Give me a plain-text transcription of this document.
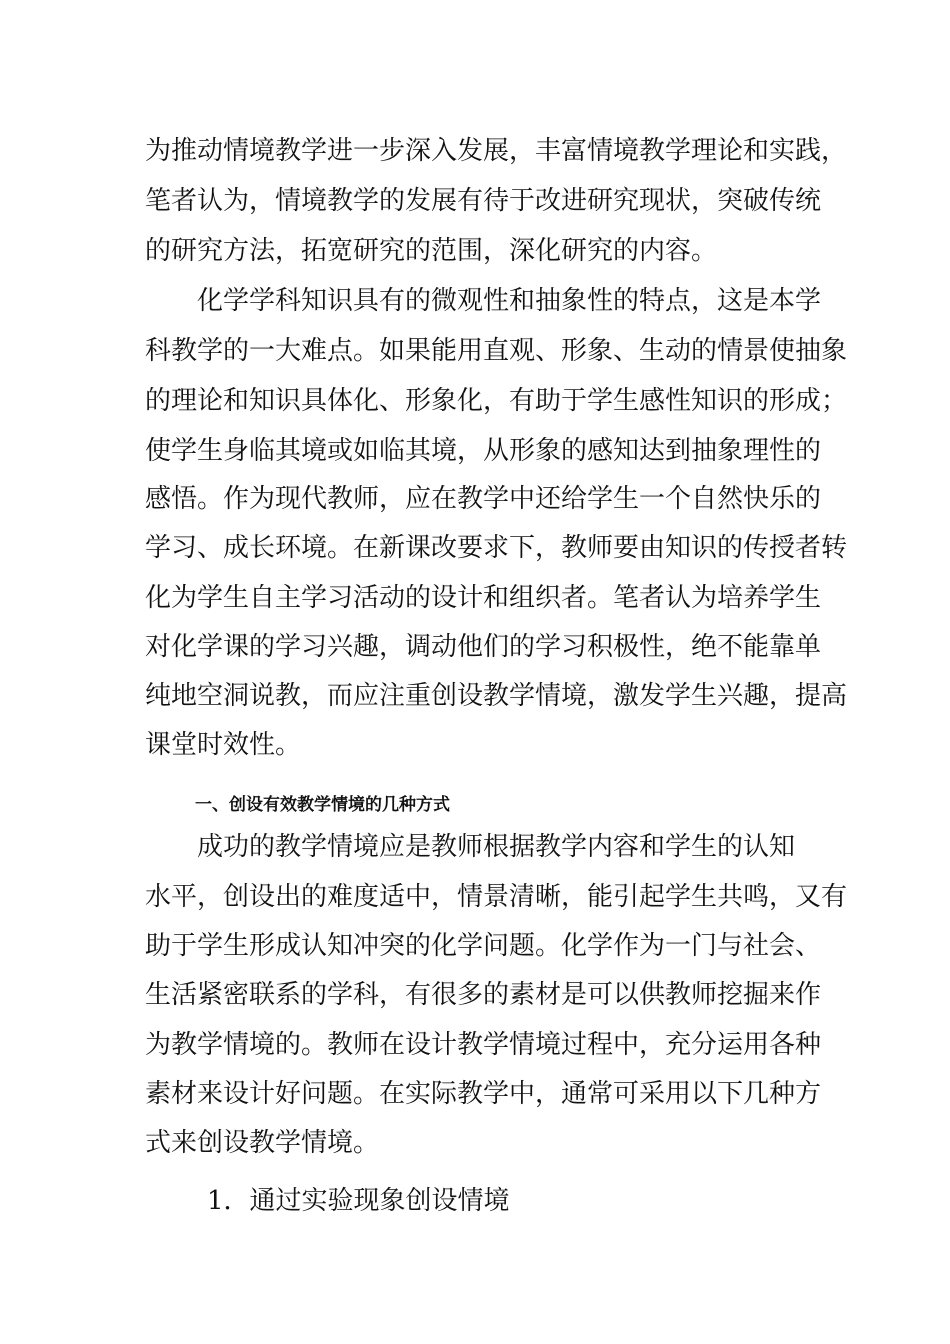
为推动情境教学进一步深入发展，丰富情境教学理论和实践，
笔者认为，情境教学的发展有待于改进研究现状，突破传统
的研究方法，拓宽研究的范围，深化研究的内容。
化学学科知识具有的微观性和抽象性的特点，这是本学
科教学的一大难点。如果能用直观、形象、生动的情景使抽象
的理论和知识具体化、形象化，有助于学生感性知识的形成；
使学生身临其境或如临其境，从形象的感知达到抽象理性的
感悟。作为现代教师，应在教学中还给学生一个自然快乐的
学习、成长环境。在新课改要求下，教师要由知识的传授者转
化为学生自主学习活动的设计和组织者。笔者认为培养学生
对化学课的学习兴趣，调动他们的学习积极性，绝不能靠单
纯地空洞说教，而应注重创设教学情境，激发学生兴趣，提高
课堂时效性。
一、创设有效教学情境的几种方式
成功的教学情境应是教师根据教学内容和学生的认知
水平，创设出的难度适中，情景清晰，能引起学生共鸣，又有
助于学生形成认知冲突的化学问题。化学作为一门与社会、
生活紧密联系的学科，有很多的素材是可以供教师挖掘来作
为教学情境的。教师在设计教学情境过程中，充分运用各种
素材来设计好问题。在实际教学中，通常可采用以下几种方
式来创设教学情境。
1．通过实验现象创设情境
